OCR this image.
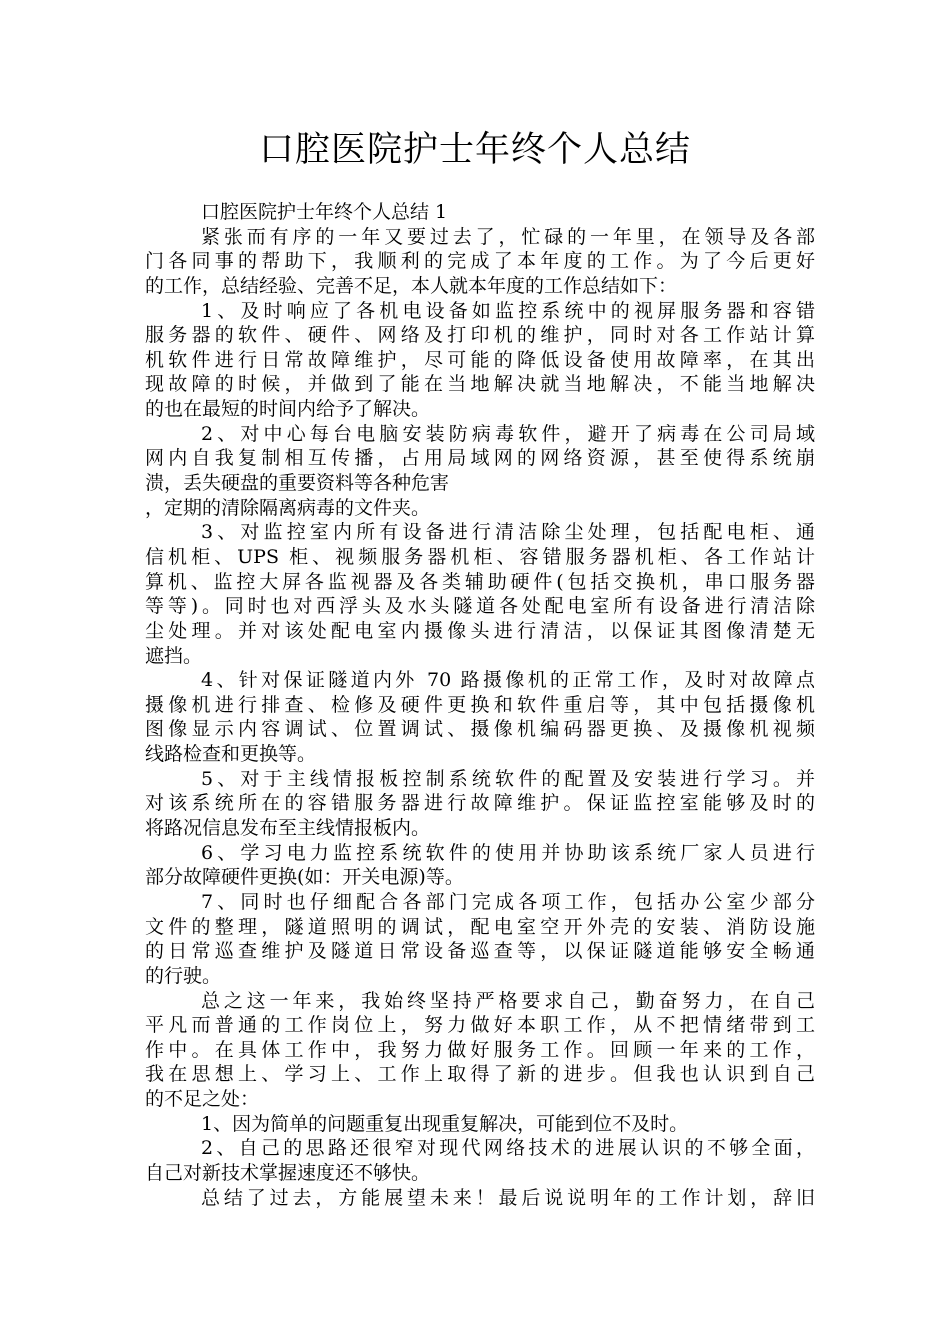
口腔医院护士年终个人总结
口腔医院护士年终个人总结 1
紧张而有序的一年又要过去了，忙碌的一年里，在领导及各部
门各同事的帮助下，我顺利的完成了本年度的工作。为了今后更好
的工作，总结经验、完善不足，本人就本年度的工作总结如下：
1、及时响应了各机电设备如监控系统中的视屏服务器和容错
服务器的软件、硬件、网络及打印机的维护，同时对各工作站计算
机软件进行日常故障维护，尽可能的降低设备使用故障率，在其出
现故障的时候，并做到了能在当地解决就当地解决，不能当地解决
的也在最短的时间内给予了解决。
2、对中心每台电脑安装防病毒软件，避开了病毒在公司局域
网内自我复制相互传播，占用局域网的网络资源，甚至使得系统崩
溃，丢失硬盘的重要资料等各种危害
，定期的清除隔离病毒的文件夹。
3、对监控室内所有设备进行清洁除尘处理，包括配电柜、通
信机柜、UPS 柜、视频服务器机柜、容错服务器机柜、各工作站计
算机、监控大屏各监视器及各类辅助硬件(包括交换机，串口服务器
等等)。同时也对西浮头及水头隧道各处配电室所有设备进行清洁除
尘处理。并对该处配电室内摄像头进行清洁，以保证其图像清楚无
遮挡。
4、针对保证隧道内外 70 路摄像机的正常工作，及时对故障点
摄像机进行排查、检修及硬件更换和软件重启等，其中包括摄像机
图像显示内容调试、位置调试、摄像机编码器更换、及摄像机视频
线路检查和更换等。
5、对于主线情报板控制系统软件的配置及安装进行学习。并
对该系统所在的容错服务器进行故障维护。保证监控室能够及时的
将路况信息发布至主线情报板内。
6、学习电力监控系统软件的使用并协助该系统厂家人员进行
部分故障硬件更换(如：开关电源)等。
7、同时也仔细配合各部门完成各项工作，包括办公室少部分
文件的整理，隧道照明的调试，配电室空开外壳的安装、消防设施
的日常巡查维护及隧道日常设备巡查等，以保证隧道能够安全畅通
的行驶。
总之这一年来，我始终坚持严格要求自己，勤奋努力，在自己
平凡而普通的工作岗位上，努力做好本职工作，从不把情绪带到工
作中。在具体工作中，我努力做好服务工作。回顾一年来的工作，
我在思想上、学习上、工作上取得了新的进步。但我也认识到自己
的不足之处：
1、因为简单的问题重复出现重复解决，可能到位不及时。
2、自己的思路还很窄对现代网络技术的进展认识的不够全面，
自己对新技术掌握速度还不够快。
总结了过去，方能展望未来！最后说说明年的工作计划，辞旧
